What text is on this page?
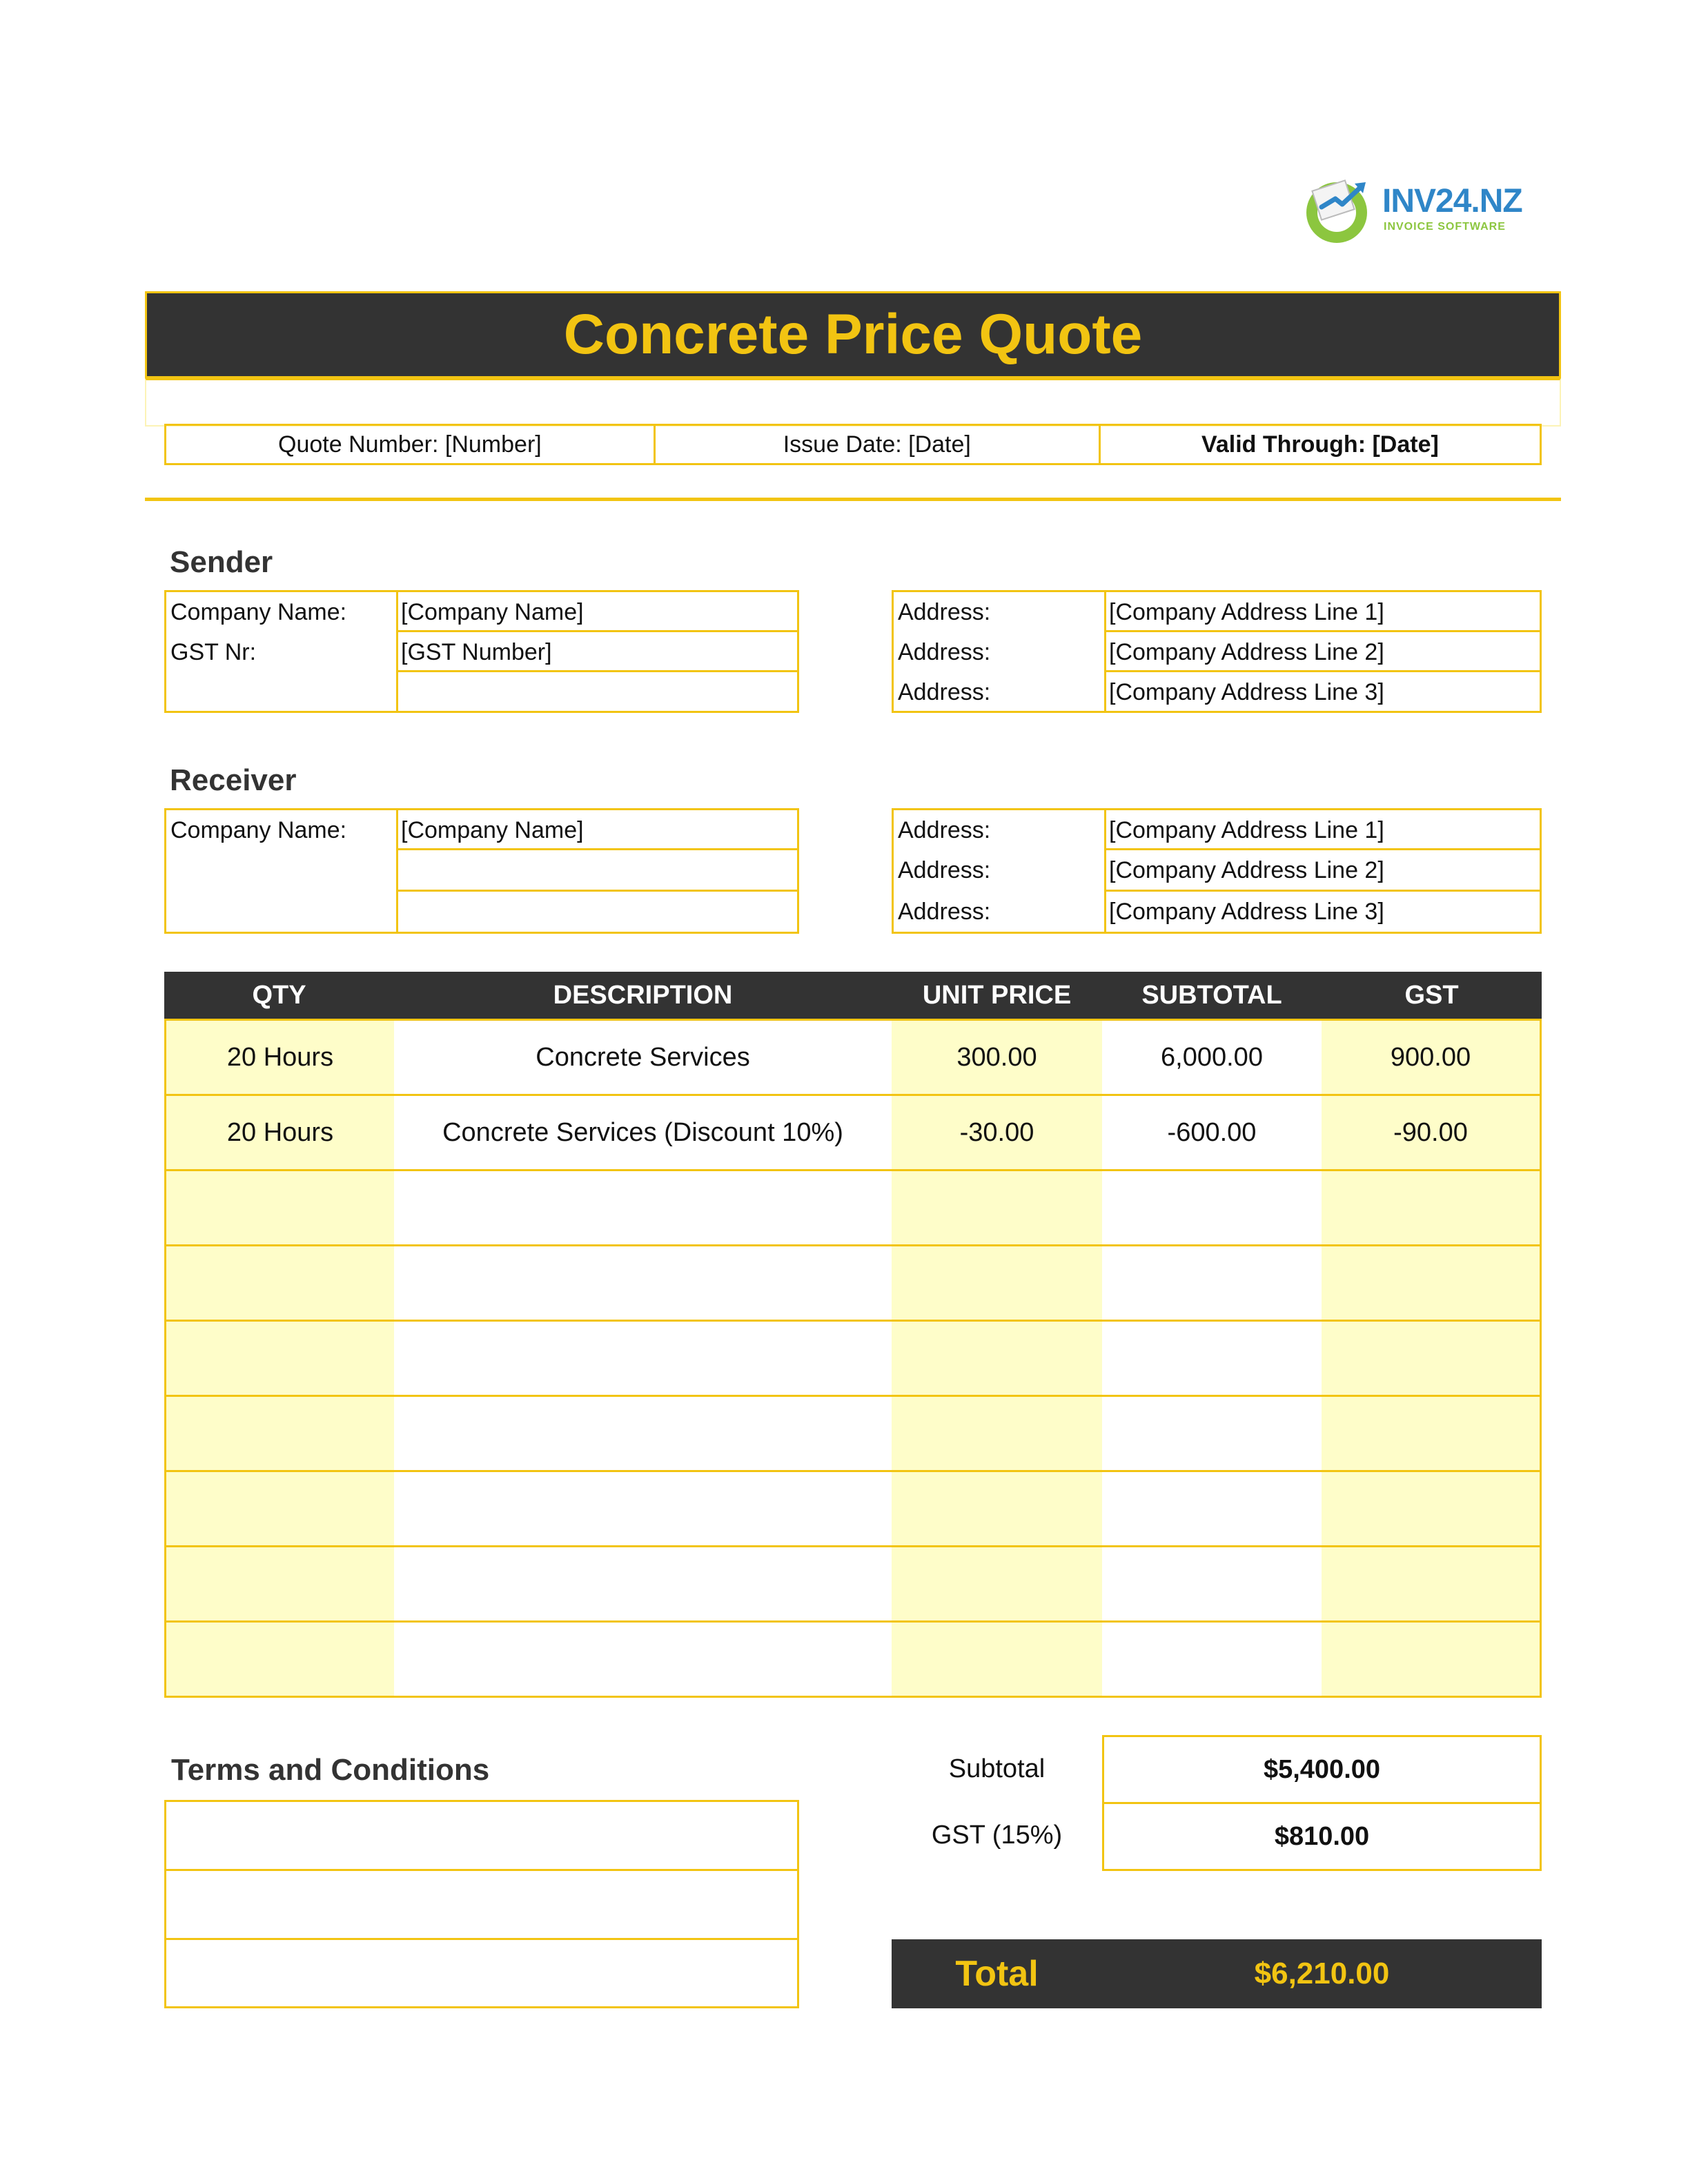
INV24.NZ
INVOICE SOFTWARE
Concrete Price Quote
Quote Number: [Number]	Issue Date: [Date]	Valid Through: [Date]
Sender
Company Name: [Company Name]
GST Nr:	[GST Number]
Address:	[Company Address Line 1]
Address:	[Company Address Line 2]
Address:	[Company Address Line 3]
Receiver
Company Name: [Company Name]	Address:	[Company Address Line 1]
Address:	[Company Address Line 2]
Address:	[Company Address Line 3]
QTY	DESCRIPTION	UNIT PRICE	SUBTOTAL	GST
20 Hours	Concrete Services	300.00	6,000.00	900.00
20 Hours	Concrete Services (Discount 10%)	-30.00	-600.00	-90.00
Terms and Conditions	Subtotal	$5,400.00
GST (15%)	$810.00
Total	$6,210.00
